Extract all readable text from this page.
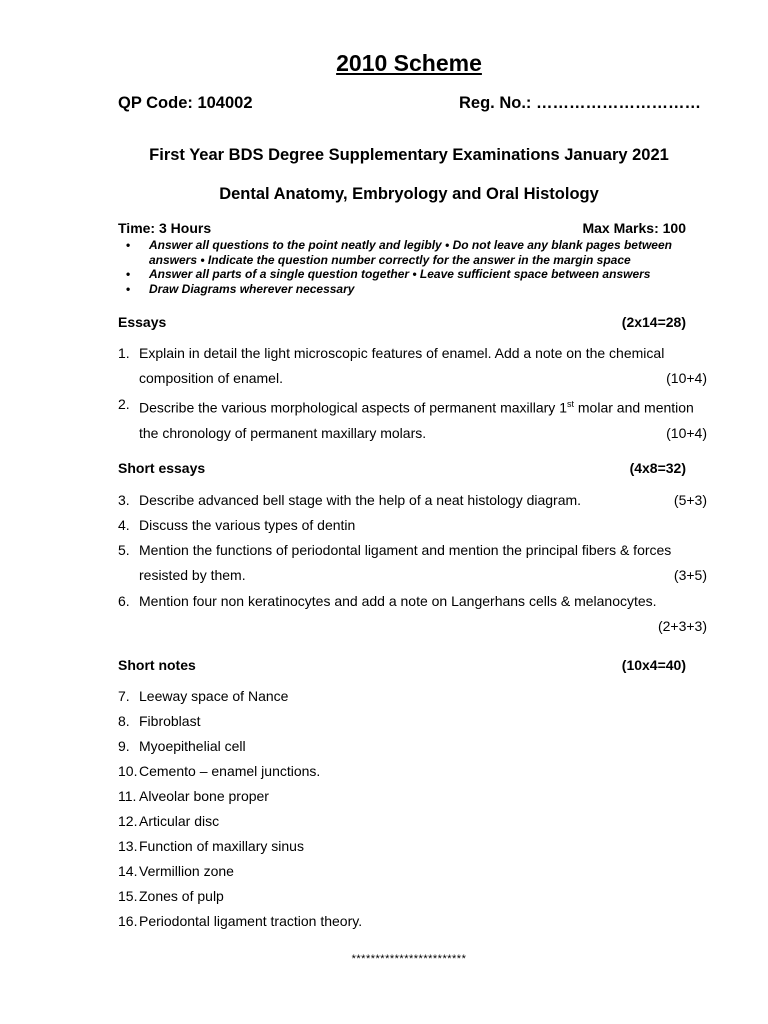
2010 Scheme
QP Code: 104002	Reg. No.: …………………………
First Year BDS Degree Supplementary Examinations January 2021
Dental Anatomy, Embryology and Oral Histology
Time: 3 Hours	Max Marks: 100
• Answer all questions to the point neatly and legibly • Do not leave any blank pages between answers • Indicate the question number correctly for the answer in the margin space
• Answer all parts of a single question together • Leave sufficient space between answers
• Draw Diagrams wherever necessary
Essays	(2x14=28)
1. Explain in detail the light microscopic features of enamel. Add a note on the chemical
composition of enamel.	(10+4)
2. Describe the various morphological aspects of permanent maxillary 1st molar and mention
the chronology of permanent maxillary molars.	(10+4)
Short essays	(4x8=32)
3. Describe advanced bell stage with the help of a neat histology diagram.	(5+3)
4. Discuss the various types of dentin
5. Mention the functions of periodontal ligament and mention the principal fibers & forces
resisted by them.	(3+5)
6. Mention four non keratinocytes and add a note on Langerhans cells & melanocytes.
(2+3+3)
Short notes	(10x4=40)
7. Leeway space of Nance
8. Fibroblast
9. Myoepithelial cell
10. Cemento – enamel junctions.
11. Alveolar bone proper
12. Articular disc
13. Function of maxillary sinus
14. Vermillion zone
15. Zones of pulp
16. Periodontal ligament traction theory.
************************
